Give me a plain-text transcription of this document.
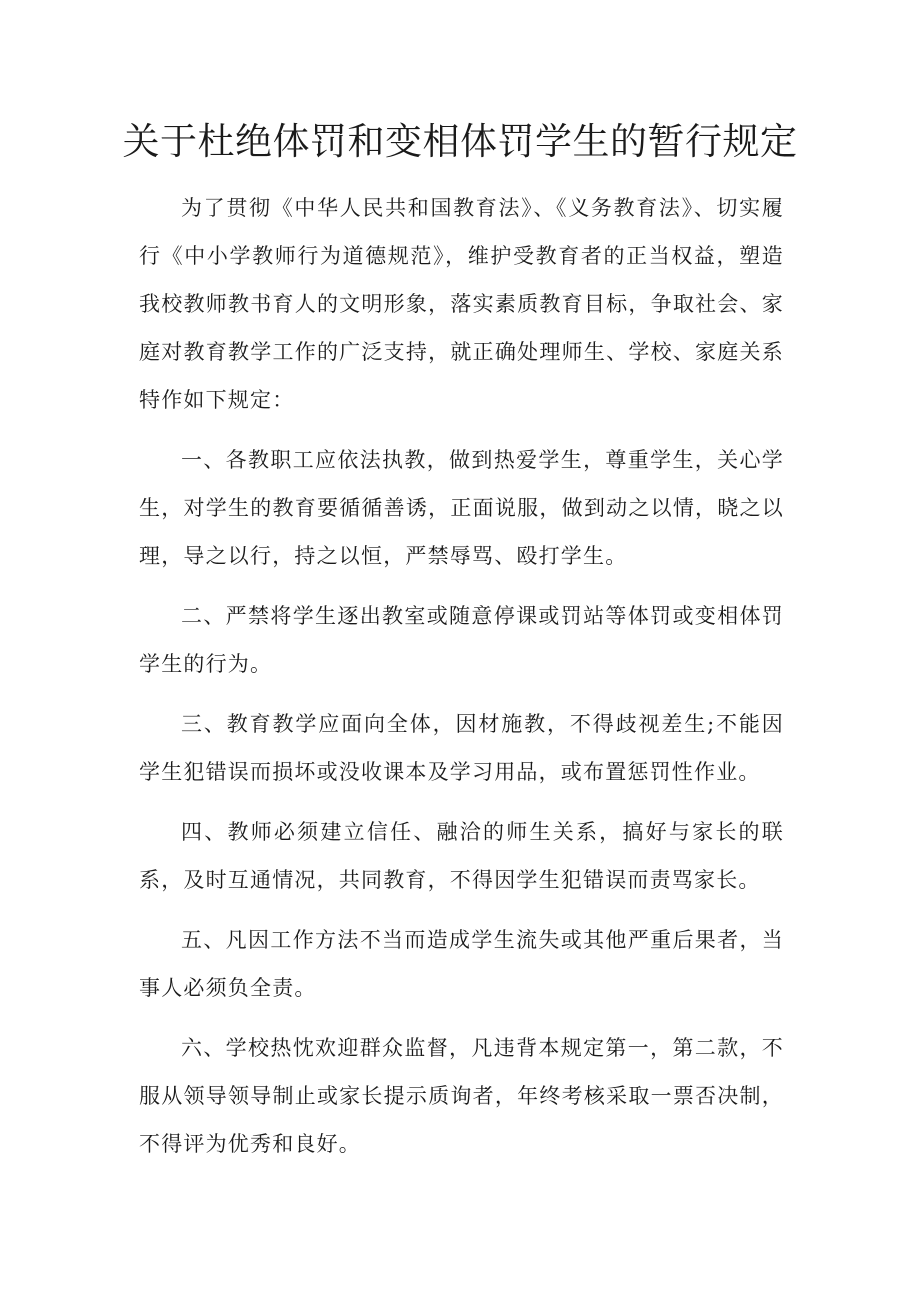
关于杜绝体罚和变相体罚学生的暂行规定

为了贯彻《中华人民共和国教育法》、《义务教育法》、切实履行《中小学教师行为道德规范》，维护受教育者的正当权益，塑造我校教师教书育人的文明形象，落实素质教育目标，争取社会、家庭对教育教学工作的广泛支持，就正确处理师生、学校、家庭关系特作如下规定：

一、各教职工应依法执教，做到热爱学生，尊重学生，关心学生，对学生的教育要循循善诱，正面说服，做到动之以情，晓之以理，导之以行，持之以恒，严禁辱骂、殴打学生。

二、严禁将学生逐出教室或随意停课或罚站等体罚或变相体罚学生的行为。

三、教育教学应面向全体，因材施教，不得歧视差生;不能因学生犯错误而损坏或没收课本及学习用品，或布置惩罚性作业。

四、教师必须建立信任、融洽的师生关系，搞好与家长的联系，及时互通情况，共同教育，不得因学生犯错误而责骂家长。

五、凡因工作方法不当而造成学生流失或其他严重后果者，当事人必须负全责。

六、学校热忱欢迎群众监督，凡违背本规定第一，第二款，不服从领导领导制止或家长提示质询者，年终考核采取一票否决制，不得评为优秀和良好。
